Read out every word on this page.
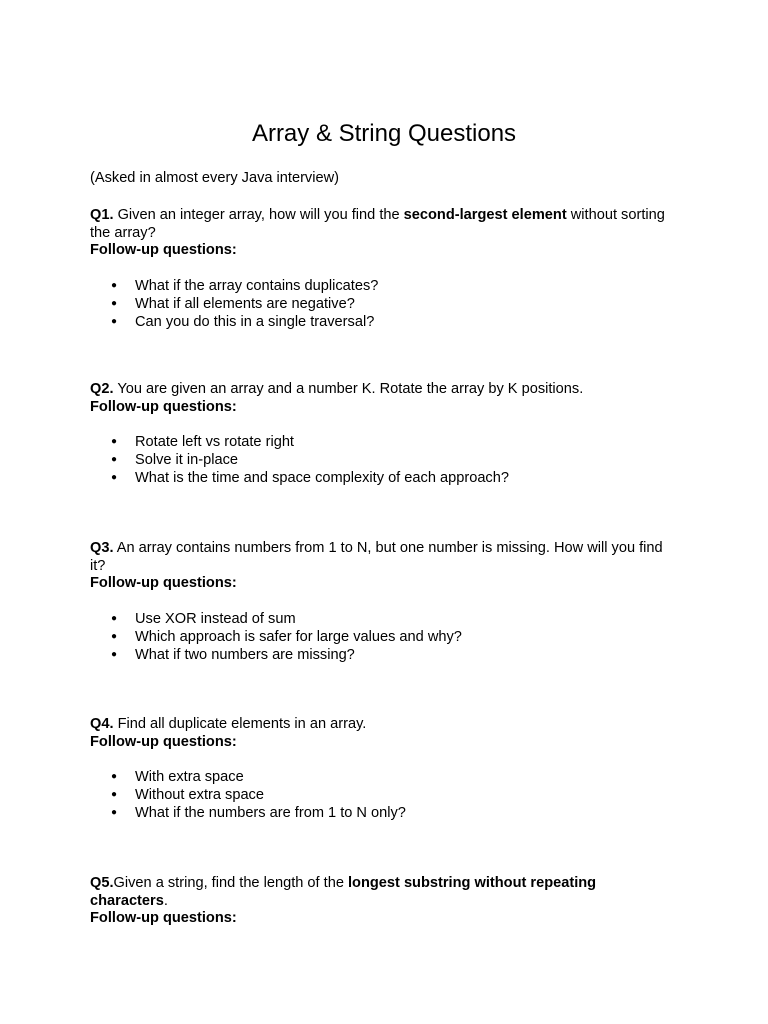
Array & String Questions

(Asked in almost every Java interview)

Q1. Given an integer array, how will you find the second-largest element without sorting the array?

Follow-up questions:

● What if the array contains duplicates?
● What if all elements are negative?
● Can you do this in a single traversal?

Q2. You are given an array and a number K. Rotate the array by K positions.

Follow-up questions:

● Rotate left vs rotate right
● Solve it in-place
● What is the time and space complexity of each approach?

Q3. An array contains numbers from 1 to N, but one number is missing. How will you find it?

Follow-up questions:

● Use XOR instead of sum
● Which approach is safer for large values and why?
● What if two numbers are missing?

Q4. Find all duplicate elements in an array.

Follow-up questions:

● With extra space
● Without extra space
● What if the numbers are from 1 to N only?

Q5.Given a string, find the length of the longest substring without repeating characters.

Follow-up questions:
